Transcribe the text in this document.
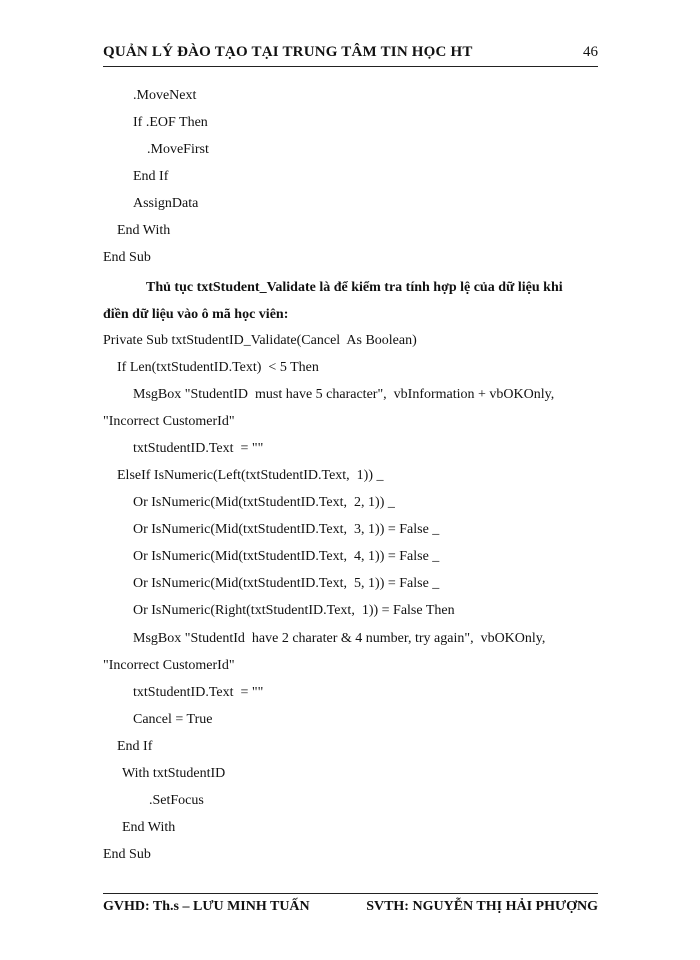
QUẢN LÝ ĐÀO TẠO TẠI TRUNG TÂM TIN HỌC HT	46
.MoveNext
If .EOF Then
.MoveFirst
End If
AssignData
End With
End Sub
Thủ tục txtStudent_Validate là để kiểm tra tính hợp lệ của dữ liệu khi
điền dữ liệu vào ô mã học viên:
Private Sub txtStudentID_Validate(Cancel  As Boolean)
If Len(txtStudentID.Text)  < 5 Then
MsgBox "StudentID  must have 5 character",  vbInformation + vbOKOnly,
"Incorrect CustomerId"
txtStudentID.Text  = ""
ElseIf IsNumeric(Left(txtStudentID.Text,  1)) _
Or IsNumeric(Mid(txtStudentID.Text,  2, 1)) _
Or IsNumeric(Mid(txtStudentID.Text,  3, 1)) = False _
Or IsNumeric(Mid(txtStudentID.Text,  4, 1)) = False _
Or IsNumeric(Mid(txtStudentID.Text,  5, 1)) = False _
Or IsNumeric(Right(txtStudentID.Text,  1)) = False Then
MsgBox "StudentId  have 2 charater & 4 number, try again",  vbOKOnly,
"Incorrect CustomerId"
txtStudentID.Text  = ""
Cancel = True
End If
With txtStudentID
.SetFocus
End With
End Sub
GVHD: Th.s – LƯU MINH TUẤN	SVTH: NGUYỄN THỊ HẢI PHƯỢNG
